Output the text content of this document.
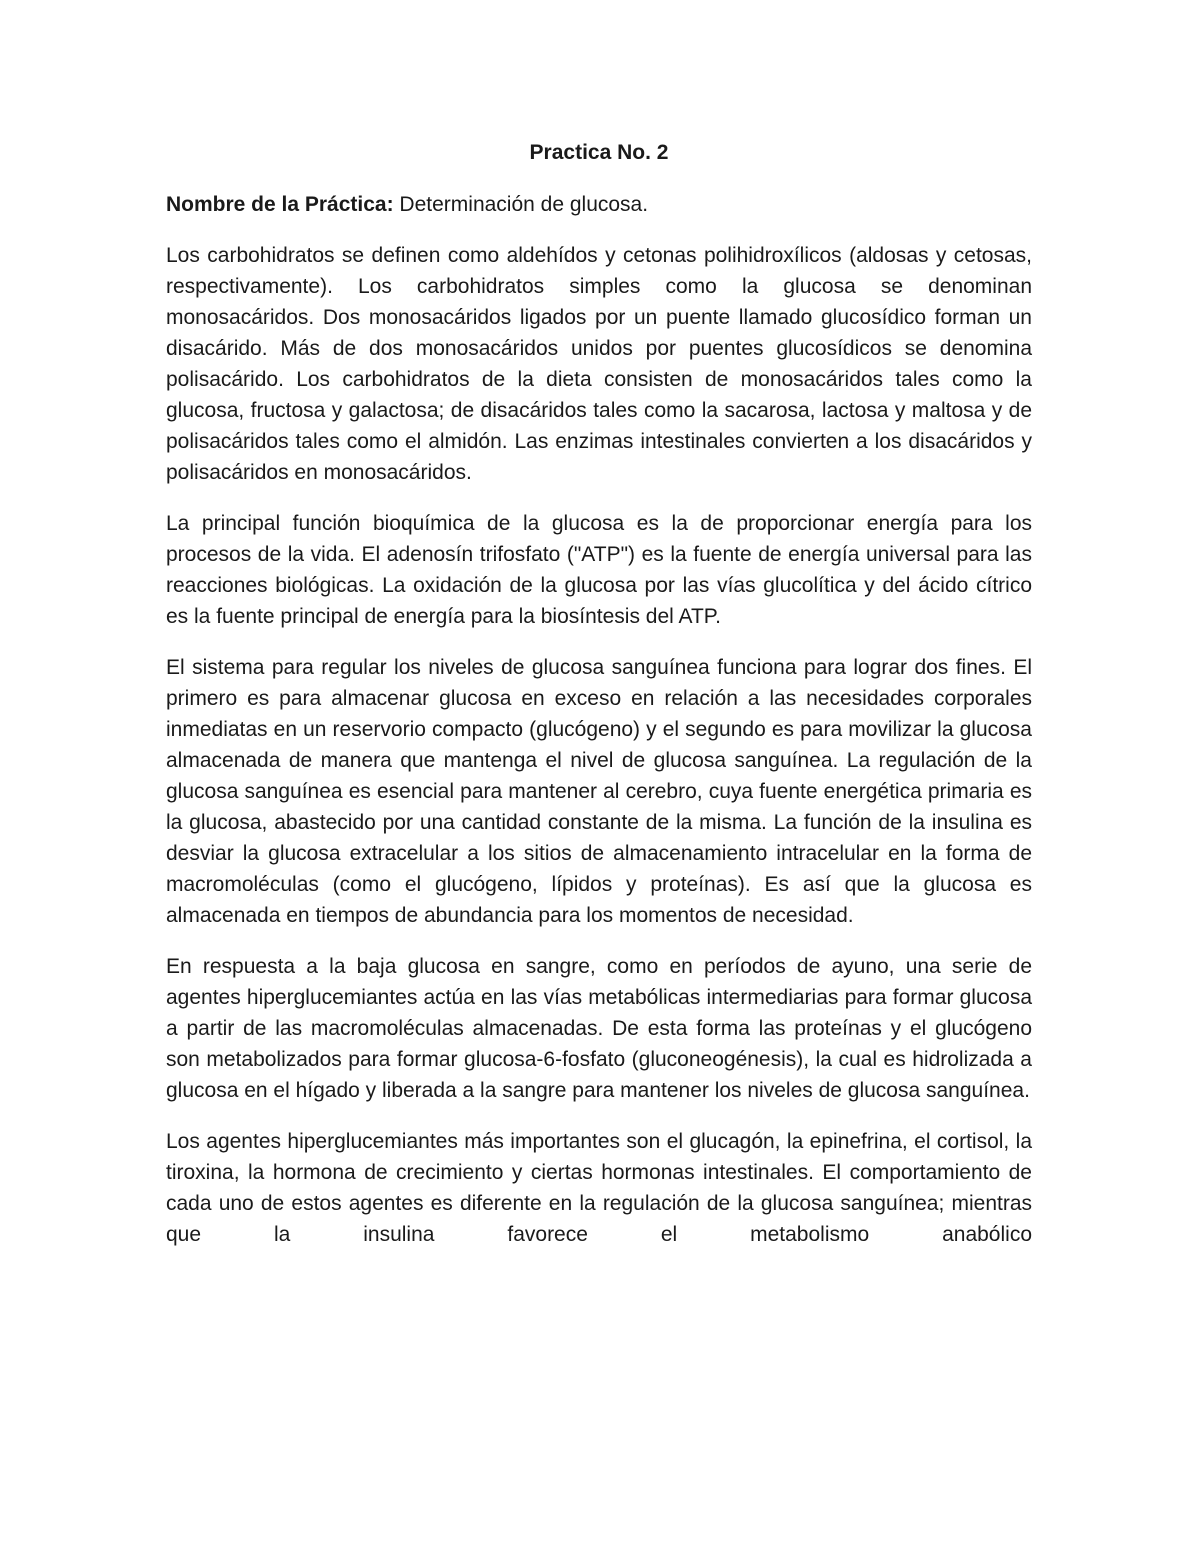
Practica No. 2
Nombre de la Práctica: Determinación de glucosa.

Los carbohidratos se definen como aldehídos y cetonas polihidroxílicos (aldosas y cetosas, respectivamente). Los carbohidratos simples como la glucosa se denominan monosacáridos. Dos monosacáridos ligados por un puente llamado glucosídico forman un disacárido. Más de dos monosacáridos unidos por puentes glucosídicos se denomina polisacárido. Los carbohidratos de la dieta consisten de monosacáridos tales como la glucosa, fructosa y galactosa; de disacáridos tales como la sacarosa, lactosa y maltosa y de polisacáridos tales como el almidón. Las enzimas intestinales convierten a los disacáridos y polisacáridos en monosacáridos.

La principal función bioquímica de la glucosa es la de proporcionar energía para los procesos de la vida. El adenosín trifosfato ("ATP") es la fuente de energía universal para las reacciones biológicas. La oxidación de la glucosa por las vías glucolítica y del ácido cítrico es la fuente principal de energía para la biosíntesis del ATP.

El sistema para regular los niveles de glucosa sanguínea funciona para lograr dos fines. El primero es para almacenar glucosa en exceso en relación a las necesidades corporales inmediatas en un reservorio compacto (glucógeno) y el segundo es para movilizar la glucosa almacenada de manera que mantenga el nivel de glucosa sanguínea. La regulación de la glucosa sanguínea es esencial para mantener al cerebro, cuya fuente energética primaria es la glucosa, abastecido por una cantidad constante de la misma. La función de la insulina es desviar la glucosa extracelular a los sitios de almacenamiento intracelular en la forma de macromoléculas (como el glucógeno, lípidos y proteínas). Es así que la glucosa es almacenada en tiempos de abundancia para los momentos de necesidad.

En respuesta a la baja glucosa en sangre, como en períodos de ayuno, una serie de agentes hiperglucemiantes actúa en las vías metabólicas intermediarias para formar glucosa a partir de las macromoléculas almacenadas. De esta forma las proteínas y el glucógeno son metabolizados para formar glucosa-6-fosfato (gluconeogénesis), la cual es hidrolizada a glucosa en el hígado y liberada a la sangre para mantener los niveles de glucosa sanguínea.

Los agentes hiperglucemiantes más importantes son el glucagón, la epinefrina, el cortisol, la tiroxina, la hormona de crecimiento y ciertas hormonas intestinales. El comportamiento de cada uno de estos agentes es diferente en la regulación de la glucosa sanguínea; mientras que la insulina favorece el metabolismo anabólico
